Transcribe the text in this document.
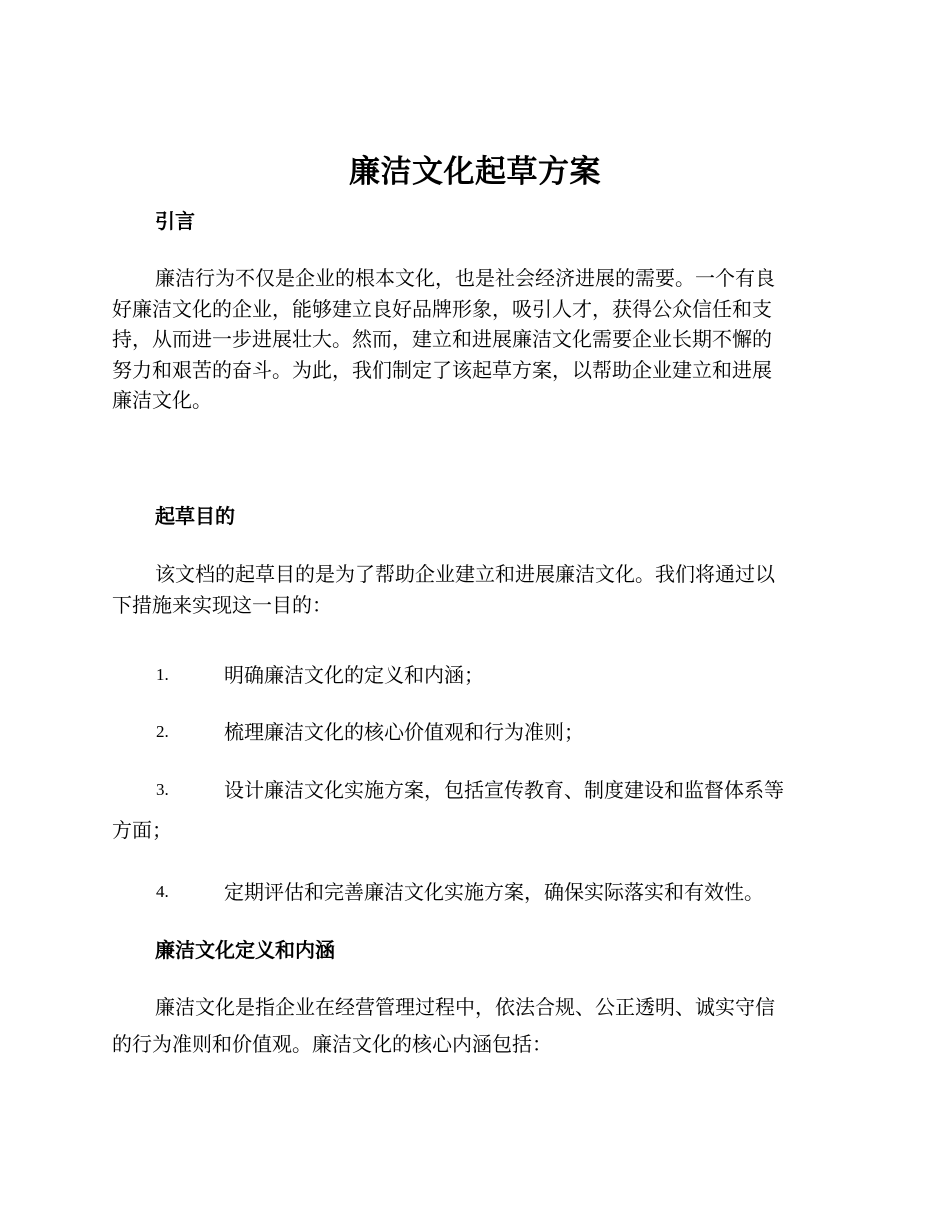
廉洁文化起草方案
引言
廉洁行为不仅是企业的根本文化，也是社会经济进展的需要。一个有良
好廉洁文化的企业，能够建立良好品牌形象，吸引人才，获得公众信任和支
持，从而进一步进展壮大。然而，建立和进展廉洁文化需要企业长期不懈的
努力和艰苦的奋斗。为此，我们制定了该起草方案，以帮助企业建立和进展
廉洁文化。
起草目的
该文档的起草目的是为了帮助企业建立和进展廉洁文化。我们将通过以
下措施来实现这一目的：
1.	明确廉洁文化的定义和内涵；
2.	梳理廉洁文化的核心价值观和行为准则；
3.	设计廉洁文化实施方案，包括宣传教育、制度建设和监督体系等
方面；
4.	定期评估和完善廉洁文化实施方案，确保实际落实和有效性。
廉洁文化定义和内涵
廉洁文化是指企业在经营管理过程中，依法合规、公正透明、诚实守信
的行为准则和价值观。廉洁文化的核心内涵包括：
